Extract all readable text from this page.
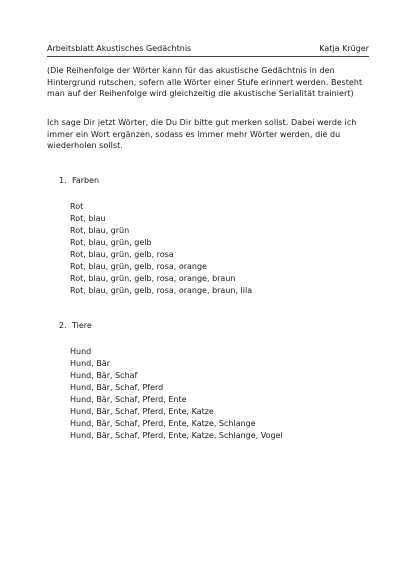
Arbeitsblatt Akustisches Gedächtnis	Katja Krüger
(Die Reihenfolge der Wörter kann für das akustische Gedächtnis in den Hintergrund rutschen, sofern alle Wörter einer Stufe erinnert werden. Besteht man auf der Reihenfolge wird gleichzeitig die akustische Serialität trainiert)
Ich sage Dir jetzt Wörter, die Du Dir bitte gut merken sollst. Dabei werde ich immer ein Wort ergänzen, sodass es immer mehr Wörter werden, die du wiederholen sollst.
1. Farben
Rot
Rot, blau
Rot, blau, grün
Rot, blau, grün, gelb
Rot, blau, grün, gelb, rosa
Rot, blau, grün, gelb, rosa, orange
Rot, blau, grün, gelb, rosa, orange, braun
Rot, blau, grün, gelb, rosa, orange, braun, lila
2. Tiere
Hund
Hund, Bär
Hund, Bär, Schaf
Hund, Bär, Schaf, Pferd
Hund, Bär, Schaf, Pferd, Ente
Hund, Bär, Schaf, Pferd, Ente, Katze
Hund, Bär, Schaf, Pferd, Ente, Katze, Schlange
Hund, Bär, Schaf, Pferd, Ente, Katze, Schlange, Vogel
